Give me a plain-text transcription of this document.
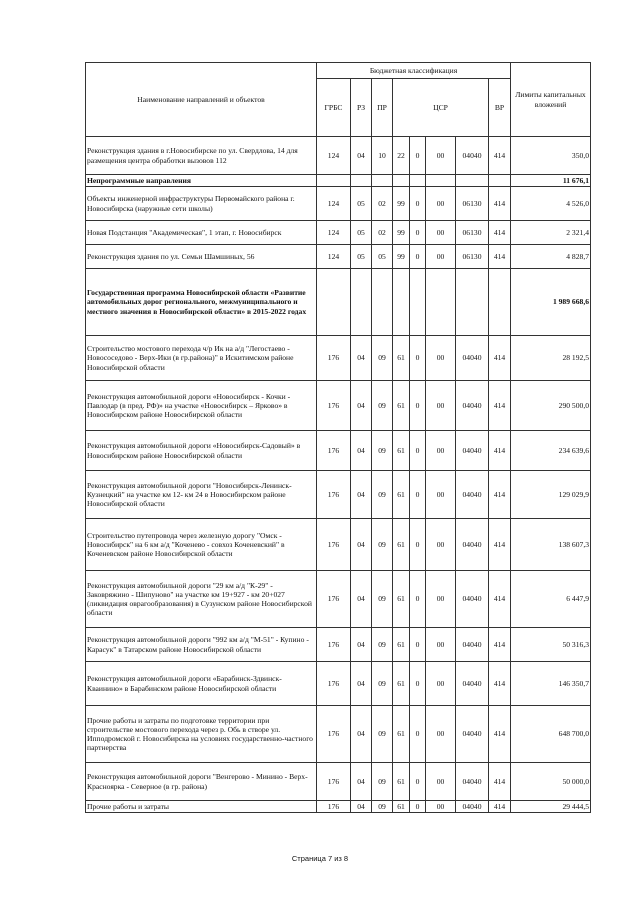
Наименование направлений и объектов	Бюджетная классификация								Лимиты капитальных вложений
	ГРБС	РЗ	ПР	ЦСР				ВР	
Реконструкция здания в г.Новосибирске по ул. Свердлова, 14 для размещения центра обработки вызовов 112	124	04	10	22	0	00	04040	414	350,0
Непрограммные направления									11 676,1
Объекты инженерной инфраструктуры Первомайского района г. Новосибирска (наружные сети школы)	124	05	02	99	0	00	06130	414	4 526,0
Новая Подстанция "Академическая", 1 этап, г. Новосибирск	124	05	02	99	0	00	06130	414	2 321,4
Реконструкция здания по ул. Семьи Шамшиных, 56	124	05	05	99	0	00	06130	414	4 828,7
Государственная программа Новосибирской области «Развитие автомобильных дорог регионального, межмуниципального и местного значения в Новосибирской области» в 2015-2022 годах									1 989 668,6
Строительство мостового перехода ч/р Ик на а/д "Легостаево - Новососедово - Верх-Ики (в гр.района)" в Искитимском районе Новосибирской области	176	04	09	61	0	00	04040	414	28 192,5
Реконструкция автомобильной дороги «Новосибирск - Кочки - Павлодар (в пред. РФ)» на участке «Новосибирск – Ярково» в Новосибирском районе Новосибирской области	176	04	09	61	0	00	04040	414	290 500,0
Реконструкция автомобильной дороги «Новосибирск-Садовый» в Новосибирском районе Новосибирской области	176	04	09	61	0	00	04040	414	234 639,6
Реконструкция автомобильной дороги "Новосибирск-Ленинск-Кузнецкий" на участке км 12- км 24 в Новосибирском районе Новосибирской области	176	04	09	61	0	00	04040	414	129 029,9
Строительство путепровода через железную дорогу "Омск - Новосибирск" на 6 км а/д "Коченево - совхоз Коченевский" в Коченевском районе Новосибирской области	176	04	09	61	0	00	04040	414	138 607,3
Реконструкция автомобильной дороги "29 км а/д "К-29" - Заковряжино - Шипуново" на участке км 19+927 - км 20+027 (ликвидация оврагообразования) в Сузунском районе Новосибирской области	176	04	09	61	0	00	04040	414	6 447,9
Реконструкция автомобильной дороги "992 км а/д "М-51" - Купино - Карасук" в Татарском районе Новосибирской области	176	04	09	61	0	00	04040	414	50 316,3
Реконструкция автомобильной дороги «Барабинск-Здвинск-Кваинино» в Барабинском районе Новосибирской области	176	04	09	61	0	00	04040	414	146 350,7
Прочие работы и затраты по подготовке территории при строительстве мостового перехода через р. Обь в створе ул. Ипподромской г. Новосибирска на условиях государственно-частного партнерства	176	04	09	61	0	00	04040	414	648 700,0
Реконструкция автомобильной дороги "Венгерово - Минино - Верх-Красноярка - Северное (в гр. района)	176	04	09	61	0	00	04040	414	50 000,0
Прочие работы и затраты	176	04	09	61	0	00	04040	414	29 444,5
Страница 7 из 8
